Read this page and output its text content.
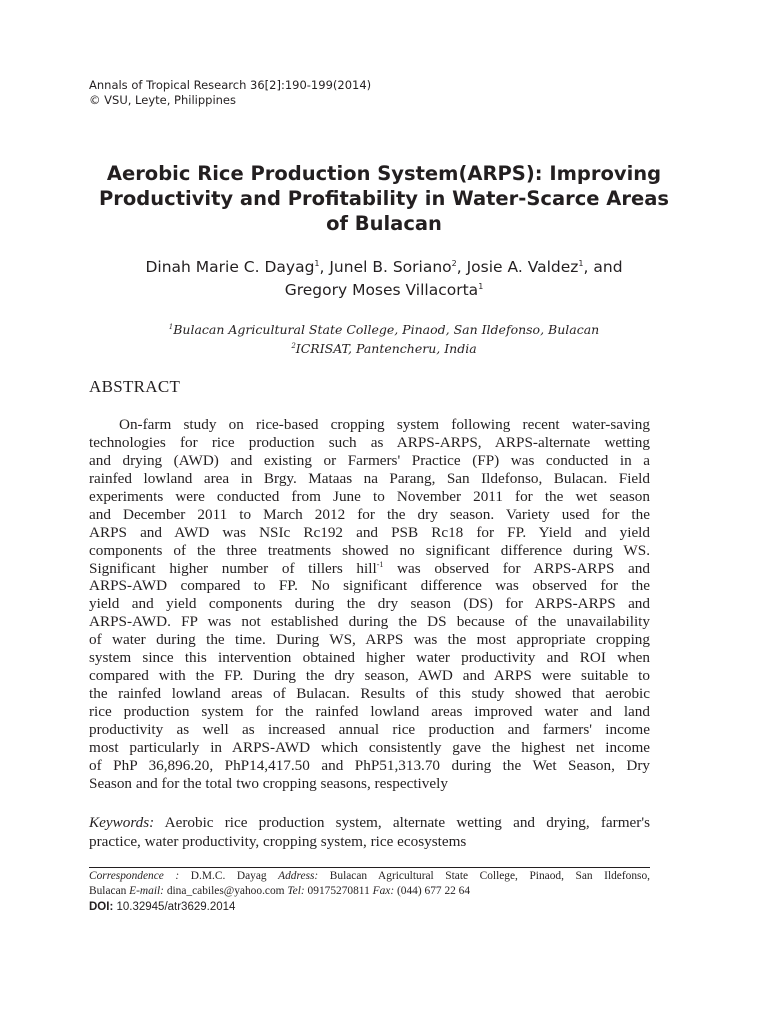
Annals of Tropical Research 36[2]:190-199(2014)
© VSU, Leyte, Philippines
Aerobic Rice Production System(ARPS): Improving
Productivity and Profitability in Water-Scarce Areas
of Bulacan
Dinah Marie C. Dayag$^1$, Junel B. Soriano$^2$, Josie A. Valdez$^1$, and
Gregory Moses Villacorta$^1$
$^1$Bulacan Agricultural State College, Pinaod, San Ildefonso, Bulacan
$^2$ICRISAT, Pantencheru, India
ABSTRACT
On-farm study on rice-based cropping system following recent water-saving
technologies for rice production such as ARPS-ARPS, ARPS-alternate wetting
and drying (AWD) and existing or Farmers' Practice (FP) was conducted in a
rainfed lowland area in Brgy. Mataas na Parang, San Ildefonso, Bulacan. Field
experiments were conducted from June to November 2011 for the wet season
and December 2011 to March 2012 for the dry season. Variety used for the
ARPS and AWD was NSIc Rc192 and PSB Rc18 for FP. Yield and yield
components of the three treatments showed no significant difference during WS.
Significant higher number of tillers hill$^{-1}$ was observed for ARPS-ARPS and
ARPS-AWD compared to FP. No significant difference was observed for the
yield and yield components during the dry season (DS) for ARPS-ARPS and
ARPS-AWD. FP was not established during the DS because of the unavailability
of water during the time. During WS, ARPS was the most appropriate cropping
system since this intervention obtained higher water productivity and ROI when
compared with the FP. During the dry season, AWD and ARPS were suitable to
the rainfed lowland areas of Bulacan. Results of this study showed that aerobic
rice production system for the rainfed lowland areas improved water and land
productivity as well as increased annual rice production and farmers' income
most particularly in ARPS-AWD which consistently gave the highest net income
of PhP 36,896.20, PhP14,417.50 and PhP51,313.70 during the Wet Season, Dry
Season and for the total two cropping seasons, respectively
Keywords: Aerobic rice production system, alternate wetting and drying, farmer's
practice, water productivity, cropping system, rice ecosystems
Correspondence : D.M.C. Dayag Address: Bulacan Agricultural State College, Pinaod, San Ildefonso,
Bulacan E-mail: dina_cabiles@yahoo.com Tel: 09175270811 Fax: (044) 677 22 64
DOI: 10.32945/atr3629.2014
